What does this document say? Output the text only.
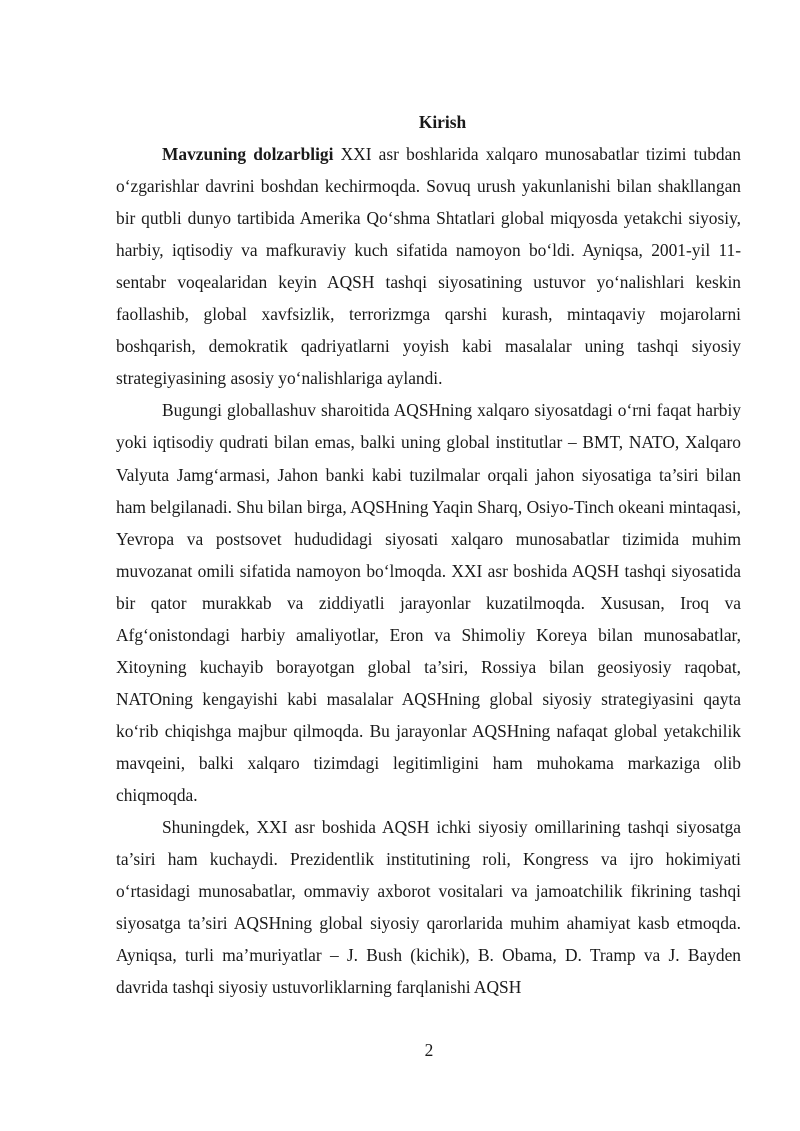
Kirish

Mavzuning dolzarbligi XXI asr boshlarida xalqaro munosabatlar tizimi tubdan o‘zgarishlar davrini boshdan kechirmoqda. Sovuq urush yakunlanishi bilan shakllangan bir qutbli dunyo tartibida Amerika Qo‘shma Shtatlari global miqyosda yetakchi siyosiy, harbiy, iqtisodiy va mafkuraviy kuch sifatida namoyon bo‘ldi. Ayniqsa, 2001-yil 11-sentabr voqealaridan keyin AQSH tashqi siyosatining ustuvor yo‘nalishlari keskin faollashib, global xavfsizlik, terrorizmga qarshi kurash, mintaqaviy mojarolarni boshqarish, demokratik qadriyatlarni yoyish kabi masalalar uning tashqi siyosiy strategiyasining asosiy yo‘nalishlariga aylandi.

Bugungi globallashuv sharoitida AQSHning xalqaro siyosatdagi o‘rni faqat harbiy yoki iqtisodiy qudrati bilan emas, balki uning global institutlar – BMT, NATO, Xalqaro Valyuta Jamg‘armasi, Jahon banki kabi tuzilmalar orqali jahon siyosatiga ta’siri bilan ham belgilanadi. Shu bilan birga, AQSHning Yaqin Sharq, Osiyo-Tinch okeani mintaqasi, Yevropa va postsovet hududidagi siyosati xalqaro munosabatlar tizimida muhim muvozanat omili sifatida namoyon bo‘lmoqda. XXI asr boshida AQSH tashqi siyosatida bir qator murakkab va ziddiyatli jarayonlar kuzatilmoqda. Xususan, Iroq va Afg‘onistondagi harbiy amaliyotlar, Eron va Shimoliy Koreya bilan munosabatlar, Xitoyning kuchayib borayotgan global ta’siri, Rossiya bilan geosiyosiy raqobat, NATOning kengayishi kabi masalalar AQSHning global siyosiy strategiyasini qayta ko‘rib chiqishga majbur qilmoqda. Bu jarayonlar AQSHning nafaqat global yetakchilik mavqeini, balki xalqaro tizimdagi legitimligini ham muhokama markaziga olib chiqmoqda.

Shuningdek, XXI asr boshida AQSH ichki siyosiy omillarining tashqi siyosatga ta’siri ham kuchaydi. Prezidentlik institutining roli, Kongress va ijro hokimiyati o‘rtasidagi munosabatlar, ommaviy axborot vositalari va jamoatchilik fikrining tashqi siyosatga ta’siri AQSHning global siyosiy qarorlarida muhim ahamiyat kasb etmoqda. Ayniqsa, turli ma’muriyatlar – J. Bush (kichik), B. Obama, D. Tramp va J. Bayden davrida tashqi siyosiy ustuvorliklarning farqlanishi AQSH

2
